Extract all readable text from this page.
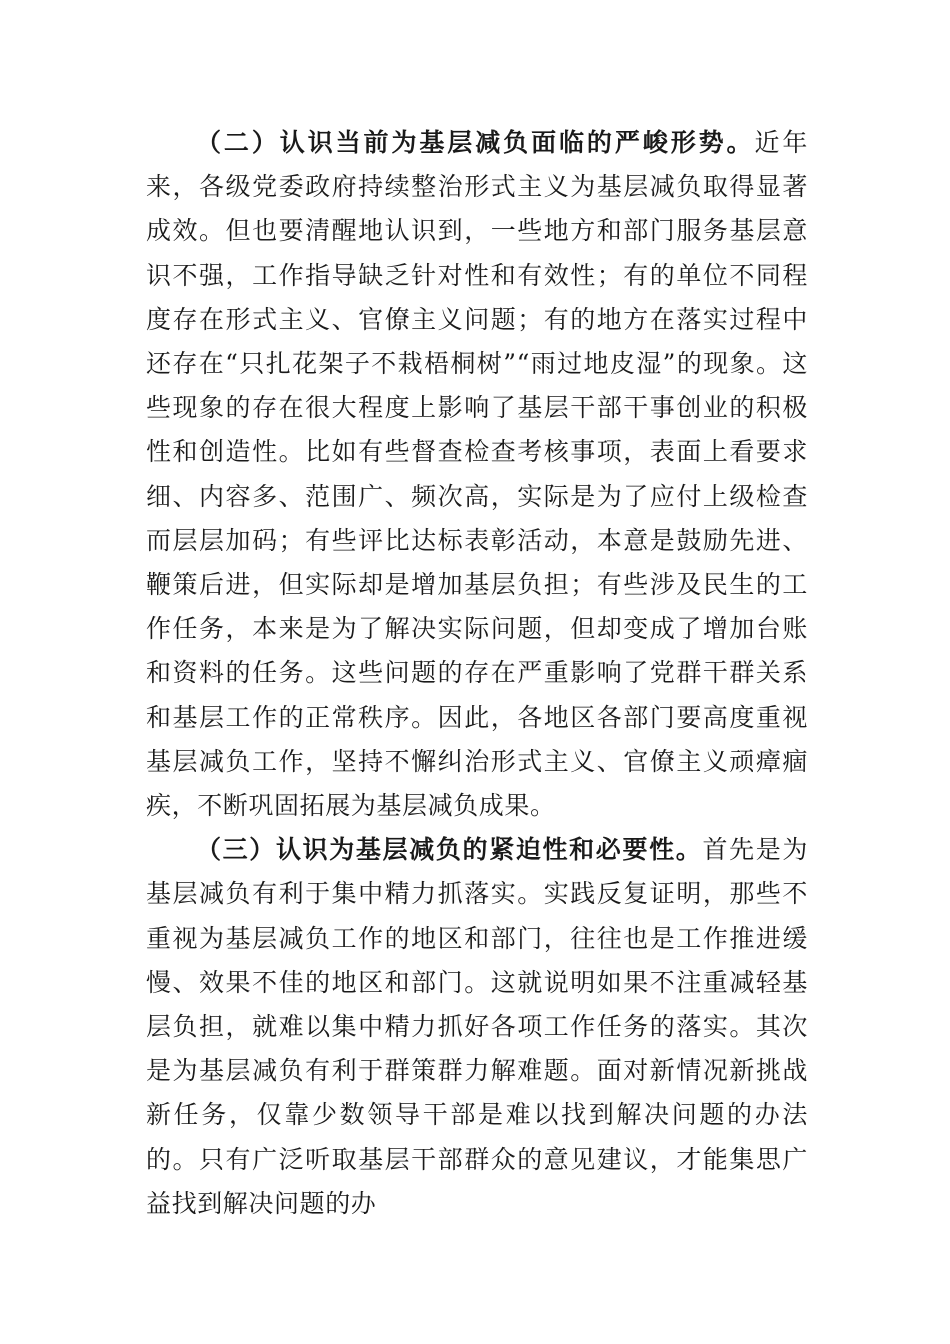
（二）认识当前为基层减负面临的严峻形势。近年来，各级党委政府持续整治形式主义为基层减负取得显著成效。但也要清醒地认识到，一些地方和部门服务基层意识不强，工作指导缺乏针对性和有效性；有的单位不同程度存在形式主义、官僚主义问题；有的地方在落实过程中还存在“只扎花架子不栽梧桐树”“雨过地皮湿”的现象。这些现象的存在很大程度上影响了基层干部干事创业的积极性和创造性。比如有些督查检查考核事项，表面上看要求细、内容多、范围广、频次高，实际是为了应付上级检查而层层加码；有些评比达标表彰活动，本意是鼓励先进、鞭策后进，但实际却是增加基层负担；有些涉及民生的工作任务，本来是为了解决实际问题，但却变成了增加台账和资料的任务。这些问题的存在严重影响了党群干群关系和基层工作的正常秩序。因此，各地区各部门要高度重视基层减负工作，坚持不懈纠治形式主义、官僚主义顽瘴痼疾，不断巩固拓展为基层减负成果。

（三）认识为基层减负的紧迫性和必要性。首先是为基层减负有利于集中精力抓落实。实践反复证明，那些不重视为基层减负工作的地区和部门，往往也是工作推进缓慢、效果不佳的地区和部门。这就说明如果不注重减轻基层负担，就难以集中精力抓好各项工作任务的落实。其次是为基层减负有利于群策群力解难题。面对新情况新挑战新任务，仅靠少数领导干部是难以找到解决问题的办法的。只有广泛听取基层干部群众的意见建议，才能集思广益找到解决问题的办
